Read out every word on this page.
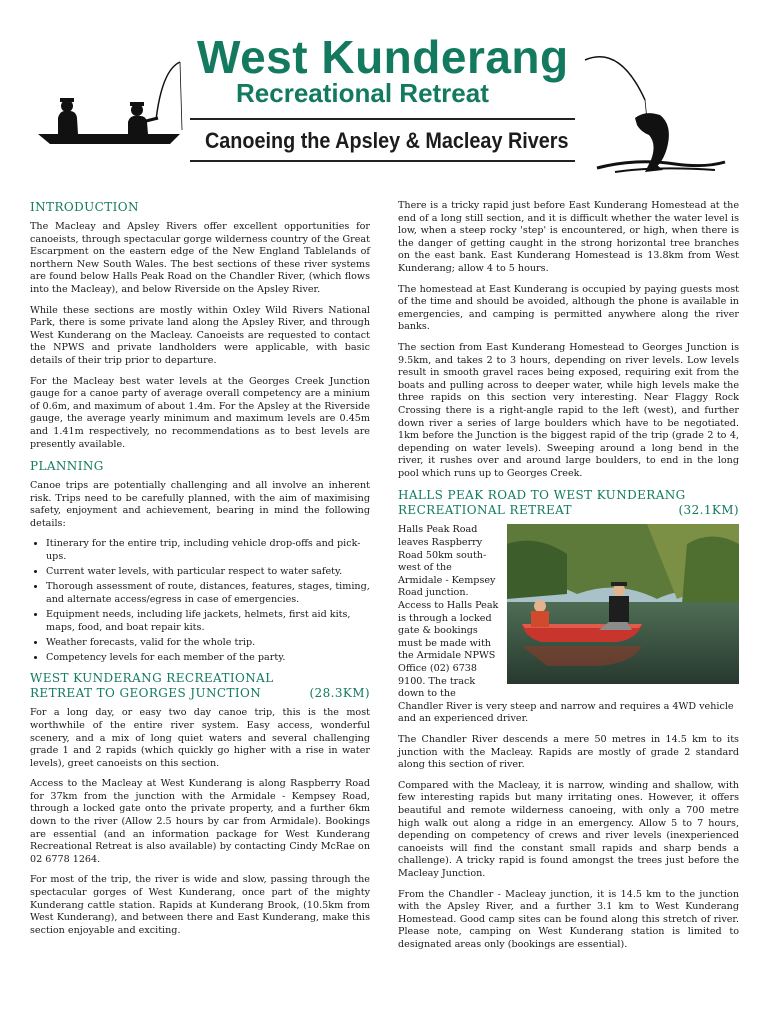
West Kunderang
Recreational Retreat
Canoeing the Apsley & Macleay Rivers
INTRODUCTION

The Macleay and Apsley Rivers offer excellent opportunities for canoeists, through spectacular gorge wilderness country of the Great Escarpment on the eastern edge of the New England Tablelands of northern New South Wales. The best sections of these river systems are found below Halls Peak Road on the Chandler River, (which flows into the Macleay), and below Riverside on the Apsley River.

While these sections are mostly within Oxley Wild Rivers National Park, there is some private land along the Apsley River, and through West Kunderang on the Macleay. Canoeists are requested to contact the NPWS and private landholders were applicable, with basic details of their trip prior to departure.

For the Macleay best water levels at the Georges Creek Junction gauge for a canoe party of average overall competency are a minium of 0.6m, and maximum of about 1.4m. For the Apsley at the Riverside gauge, the average yearly minimum and maximum levels are 0.45m and 1.41m respectively, no recommendations as to best levels are presently available.

PLANNING

Canoe trips are potentially challenging and all involve an inherent risk. Trips need to be carefully planned, with the aim of maximising safety, enjoyment and achievement, bearing in mind the following details:

• Itinerary for the entire trip, including vehicle drop-offs and pick-ups.
• Current water levels, with particular respect to water safety.
• Thorough assessment of route, distances, features, stages, timing, and alternate access/egress in case of emergencies.
• Equipment needs, including life jackets, helmets, first aid kits, maps, food, and boat repair kits.
• Weather forecasts, valid for the whole trip.
• Competency levels for each member of the party.
WEST KUNDERANG RECREATIONAL
RETREAT TO GEORGES JUNCTION	(28.3KM)

For a long day, or easy two day canoe trip, this is the most worthwhile of the entire river system. Easy access, wonderful scenery, and a mix of long quiet waters and several challenging grade 1 and 2 rapids (which quickly go higher with a rise in water levels), greet canoeists on this section.

Access to the Macleay at West Kunderang is along Raspberry Road for 37km from the junction with the Armidale - Kempsey Road, through a locked gate onto the private property, and a further 6km down to the river (Allow 2.5 hours by car from Armidale). Bookings are essential (and an information package for West Kunderang Recreational Retreat is also available) by contacting Cindy McRae on 02 6778 1264.

For most of the trip, the river is wide and slow, passing through the spectacular gorges of West Kunderang, once part of the mighty Kunderang cattle station. Rapids at Kunderang Brook, (10.5km from West Kunderang), and between there and East Kunderang, make this section enjoyable and exciting.

There is a tricky rapid just before East Kunderang Homestead at the end of a long still section, and it is difficult whether the water level is low, when a steep rocky 'step' is encountered, or high, when there is the danger of getting caught in the strong horizontal tree branches on the east bank. East Kunderang Homestead is 13.8km from West Kunderang; allow 4 to 5 hours.

The homestead at East Kunderang is occupied by paying guests most of the time and should be avoided, although the phone is available in emergencies, and camping is permitted anywhere along the river banks.

The section from East Kunderang Homestead to Georges Junction is 9.5km, and takes 2 to 3 hours, depending on river levels. Low levels result in smooth gravel races being exposed, requiring exit from the boats and pulling across to deeper water, while high levels make the three rapids on this section very interesting. Near Flaggy Rock Crossing there is a right-angle rapid to the left (west), and further down river a series of large boulders which have to be negotiated. 1km before the Junction is the biggest rapid of the trip (grade 2 to 4, depending on water levels). Sweeping around a long bend in the river, it rushes over and around large boulders, to end in the long pool which runs up to Georges Creek.

HALLS PEAK ROAD TO WEST KUNDERANG
RECREATIONAL RETREAT	(32.1KM)

Halls Peak Road leaves Raspberry Road 50km south-west of the Armidale - Kempsey Road junction. Access to Halls Peak is through a locked gate & bookings must be made with the Armidale NPWS Office (02) 6738 9100. The track down to the Chandler River is very steep and narrow and requires a 4WD vehicle and an experienced driver.

The Chandler River descends a mere 50 metres in 14.5 km to its junction with the Macleay. Rapids are mostly of grade 2 standard along this section of river.

Compared with the Macleay, it is narrow, winding and shallow, with few interesting rapids but many irritating ones. However, it offers beautiful and remote wilderness canoeing, with only a 700 metre high walk out along a ridge in an emergency. Allow 5 to 7 hours, depending on competency of crews and river levels (inexperienced canoeists will find the constant small rapids and sharp bends a challenge). A tricky rapid is found amongst the trees just before the Macleay Junction.

From the Chandler - Macleay junction, it is 14.5 km to the junction with the Apsley River, and a further 3.1 km to West Kunderang Homestead. Good camp sites can be found along this stretch of river. Please note, camping on West Kunderang station is limited to designated areas only (bookings are essential).
